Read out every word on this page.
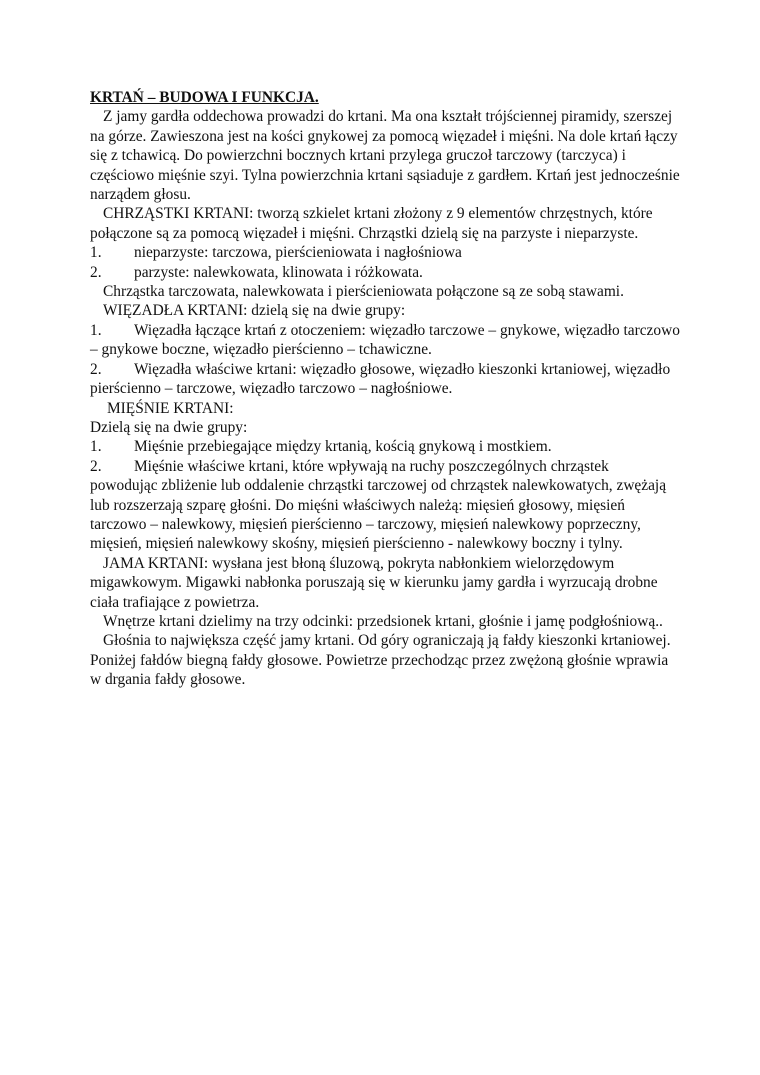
KRTAŃ – BUDOWA I FUNKCJA.

Z jamy gardła oddechowa prowadzi do krtani. Ma ona kształt trójściennej piramidy, szerszej na górze. Zawieszona jest na kości gnykowej za pomocą więzadeł i mięśni. Na dole krtań łączy się z tchawicą. Do powierzchni bocznych krtani przylega gruczoł tarczowy (tarczyca) i częściowo mięśnie szyi. Tylna powierzchnia krtani sąsiaduje z gardłem. Krtań jest jednocześnie narządem głosu.

CHRZĄSTKI KRTANI: tworzą szkielet krtani złożony z 9 elementów chrzęstnych, które połączone są za pomocą więzadeł i mięśni. Chrząstki dzielą się na parzyste i nieparzyste.

1. nieparzyste: tarczowa, pierścieniowata i nagłośniowa
2. parzyste: nalewkowata, klinowata i różkowata.

Chrząstka tarczowata, nalewkowata i pierścieniowata połączone są ze sobą stawami.

WIĘZADŁA KRTANI: dzielą się na dwie grupy:

1. Więzadła łączące krtań z otoczeniem: więzadło tarczowe – gnykowe, więzadło tarczowo – gnykowe boczne, więzadło pierścienno – tchawiczne.
2. Więzadła właściwe krtani: więzadło głosowe, więzadło kieszonki krtaniowej, więzadło pierścienno – tarczowe, więzadło tarczowo – nagłośniowe.

MIĘŚNIE KRTANI:

Dzielą się na dwie grupy:

1. Mięśnie przebiegające między krtanią, kością gnykową i mostkiem.
2. Mięśnie właściwe krtani, które wpływają na ruchy poszczególnych chrząstek powodując zbliżenie lub oddalenie chrząstki tarczowej od chrząstek nalewkowatych, zwężają lub rozszerzają szparę głośni. Do mięśni właściwych należą: mięsień głosowy, mięsień tarczowo – nalewkowy, mięsień pierścienno – tarczowy, mięsień nalewkowy poprzeczny, mięsień, mięsień nalewkowy skośny, mięsień pierścienno - nalewkowy boczny i tylny.

JAMA KRTANI: wysłana jest błoną śluzową, pokryta nabłonkiem wielorzędowym migawkowym. Migawki nabłonka poruszają się w kierunku jamy gardła i wyrzucają drobne ciała trafiające z powietrza.

Wnętrze krtani dzielimy na trzy odcinki: przedsionek krtani, głośnie i jamę podgłośniową..

Głośnia to największa część jamy krtani. Od góry ograniczają ją fałdy kieszonki krtaniowej. Poniżej fałdów biegną fałdy głosowe. Powietrze przechodząc przez zwężoną głośnie wprawia w drgania fałdy głosowe.
